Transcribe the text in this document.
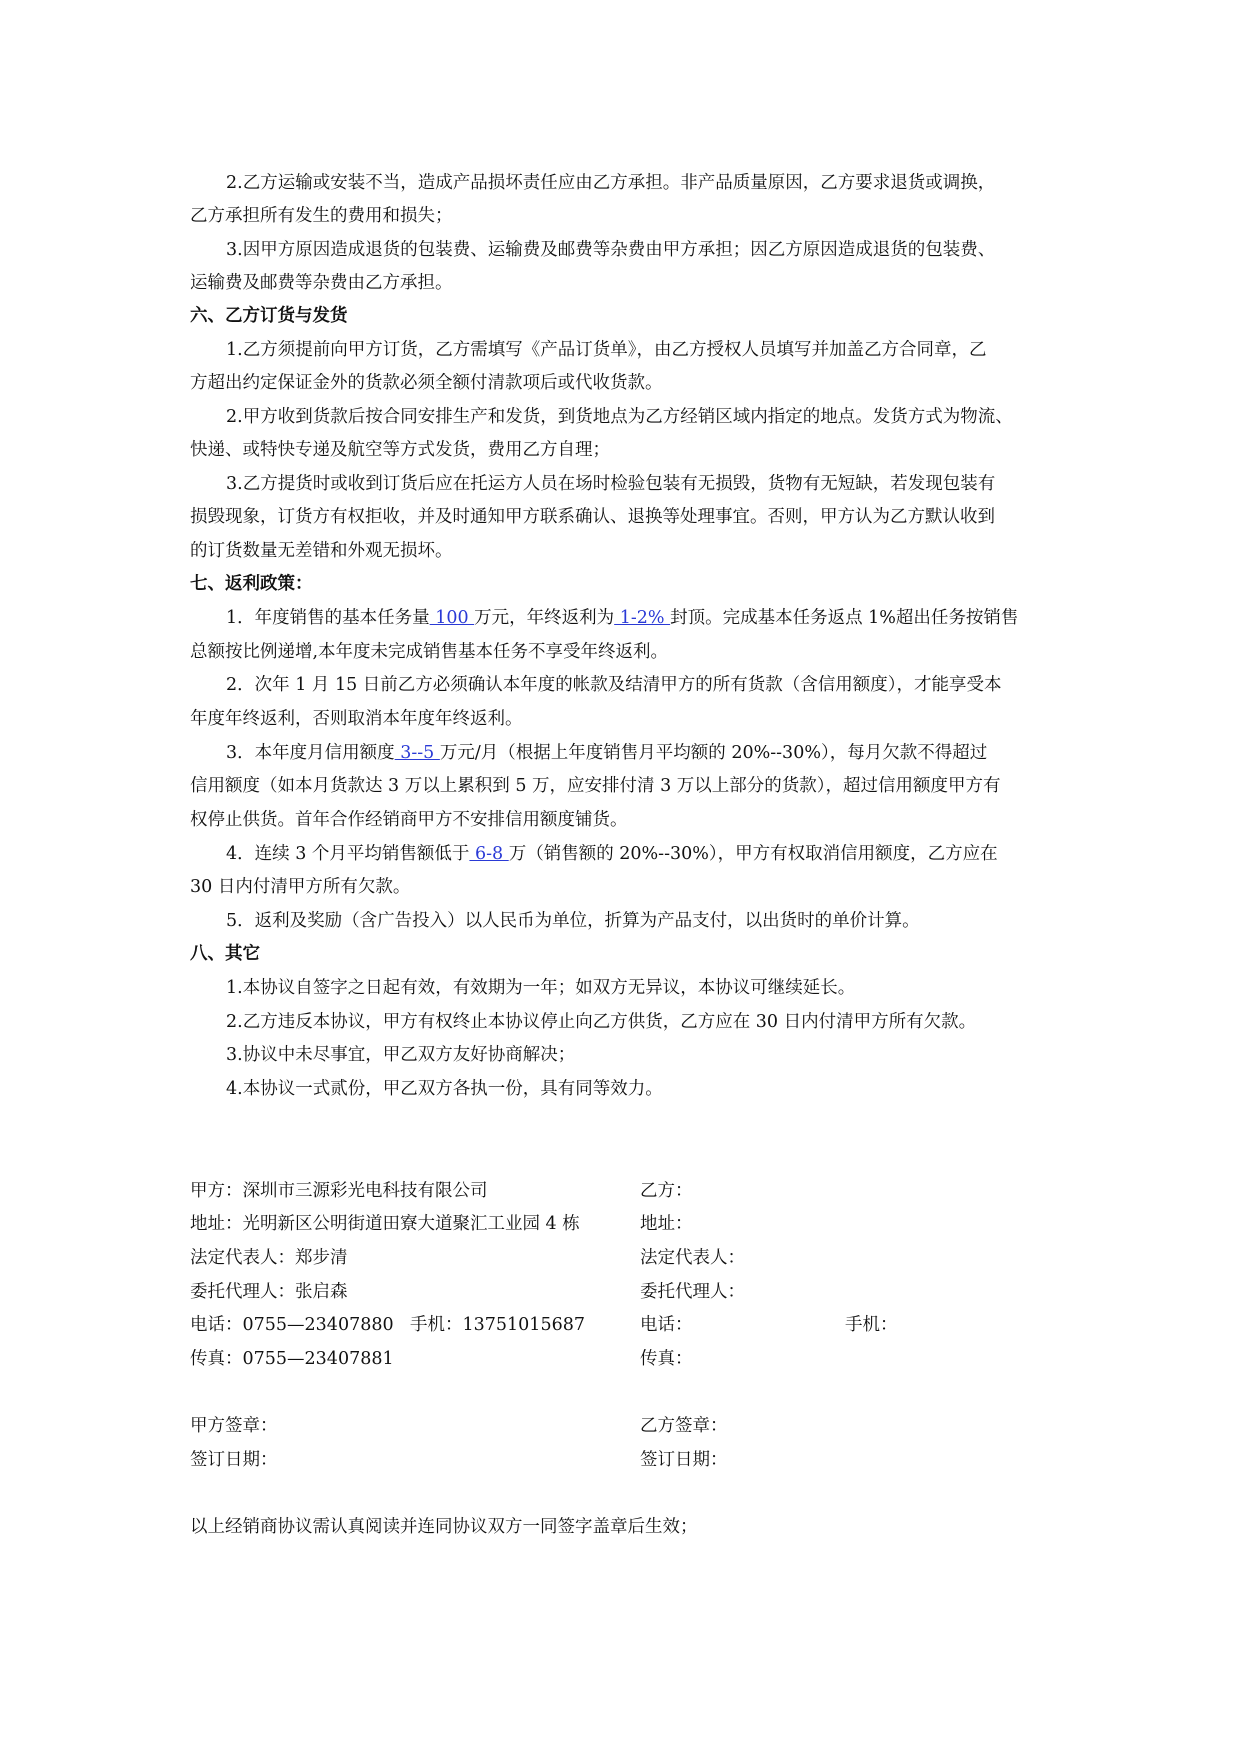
2.乙方运输或安装不当，造成产品损坏责任应由乙方承担。非产品质量原因，乙方要求退货或调换，
乙方承担所有发生的费用和损失；
3.因甲方原因造成退货的包装费、运输费及邮费等杂费由甲方承担；因乙方原因造成退货的包装费、
运输费及邮费等杂费由乙方承担。
六、乙方订货与发货
1.乙方须提前向甲方订货，乙方需填写《产品订货单》，由乙方授权人员填写并加盖乙方合同章，乙
方超出约定保证金外的货款必须全额付清款项后或代收货款。
2.甲方收到货款后按合同安排生产和发货，到货地点为乙方经销区域内指定的地点。发货方式为物流、
快递、或特快专递及航空等方式发货，费用乙方自理；
3.乙方提货时或收到订货后应在托运方人员在场时检验包装有无损毁，货物有无短缺，若发现包装有
损毁现象，订货方有权拒收，并及时通知甲方联系确认、退换等处理事宜。否则，甲方认为乙方默认收到
的订货数量无差错和外观无损坏。
七、返利政策：
1．年度销售的基本任务量 100 万元，年终返利为 1-2% 封顶。完成基本任务返点 1%超出任务按销售
总额按比例递增,本年度未完成销售基本任务不享受年终返利。
2．次年 1 月 15 日前乙方必须确认本年度的帐款及结清甲方的所有货款（含信用额度），才能享受本
年度年终返利，否则取消本年度年终返利。
3．本年度月信用额度 3--5 万元/月（根据上年度销售月平均额的 20%--30%），每月欠款不得超过
信用额度（如本月货款达 3 万以上累积到 5 万，应安排付清 3 万以上部分的货款），超过信用额度甲方有
权停止供货。首年合作经销商甲方不安排信用额度铺货。
4．连续 3 个月平均销售额低于 6-8 万（销售额的 20%--30%），甲方有权取消信用额度，乙方应在
30 日内付清甲方所有欠款。
5．返利及奖励（含广告投入）以人民币为单位，折算为产品支付，以出货时的单价计算。
八、其它
1.本协议自签字之日起有效，有效期为一年；如双方无异议，本协议可继续延长。
2.乙方违反本协议，甲方有权终止本协议停止向乙方供货，乙方应在 30 日内付清甲方所有欠款。
3.协议中未尽事宜，甲乙双方友好协商解决；
4.本协议一式贰份，甲乙双方各执一份，具有同等效力。
甲方：深圳市三源彩光电科技有限公司	乙方：
地址：光明新区公明街道田寮大道聚汇工业园 4 栋	地址：
法定代表人：郑步清	法定代表人：
委托代理人：张启森	委托代理人：
电话：0755—23407880 手机：13751015687	电话：	手机：
传真：0755—23407881	传真：
甲方签章：	乙方签章：
签订日期：	签订日期：
以上经销商协议需认真阅读并连同协议双方一同签字盖章后生效；
